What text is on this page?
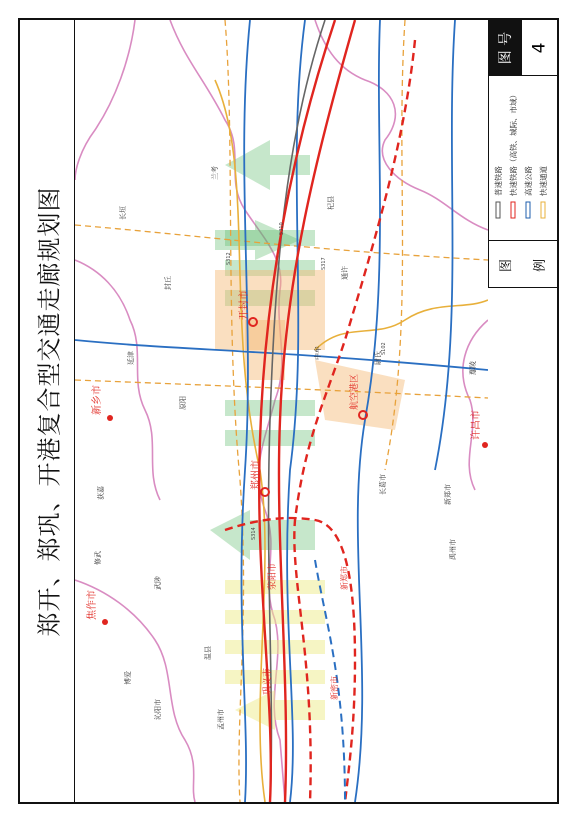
郑开、郑巩、开港复合型交通走廊规划图	新乡市
焦作市
郑州市
开封市
许昌市
巩义市
荥阳市	新郑市
新密市
航空港区
兰考
杞县
通许
尉氏
鄢陵
长葛市	新郑市
禹州市
中牟
孟州市
沁阳市
温县
武陟
博爱
修武
获嘉
原阳
延津
封丘
长垣
S312
S310
S102
S317
S314
图 号 4
图	例
普速铁路 快速铁路（高铁、城际、市域） 高速公路 快速通道
